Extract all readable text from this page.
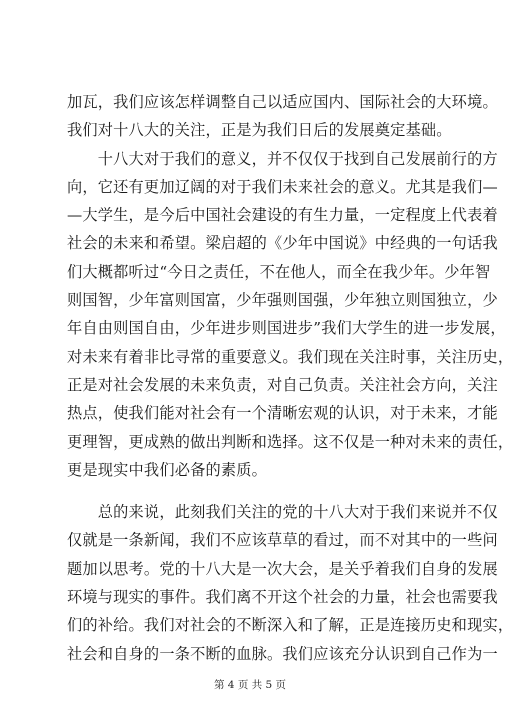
加瓦，我们应该怎样调整自己以适应国内、国际社会的大环境。
我们对十八大的关注，正是为我们日后的发展奠定基础。
　　十八大对于我们的意义，并不仅仅于找到自己发展前行的方
向，它还有更加辽阔的对于我们未来社会的意义。尤其是我们—
—大学生，是今后中国社会建设的有生力量，一定程度上代表着
社会的未来和希望。梁启超的《少年中国说》中经典的一句话我
们大概都听过“今日之责任，不在他人，而全在我少年。少年智
则国智，少年富则国富，少年强则国强，少年独立则国独立，少
年自由则国自由，少年进步则国进步”我们大学生的进一步发展，
对未来有着非比寻常的重要意义。我们现在关注时事，关注历史，
正是对社会发展的未来负责，对自己负责。关注社会方向，关注
热点，使我们能对社会有一个清晰宏观的认识，对于未来，才能
更理智，更成熟的做出判断和选择。这不仅是一种对未来的责任，
更是现实中我们必备的素质。
　　总的来说，此刻我们关注的党的十八大对于我们来说并不仅
仅就是一条新闻，我们不应该草草的看过，而不对其中的一些问
题加以思考。党的十八大是一次大会，是关乎着我们自身的发展
环境与现实的事件。我们离不开这个社会的力量，社会也需要我
们的补给。我们对社会的不断深入和了解，正是连接历史和现实，
社会和自身的一条不断的血脉。我们应该充分认识到自己作为一
第 4 页 共 5 页
